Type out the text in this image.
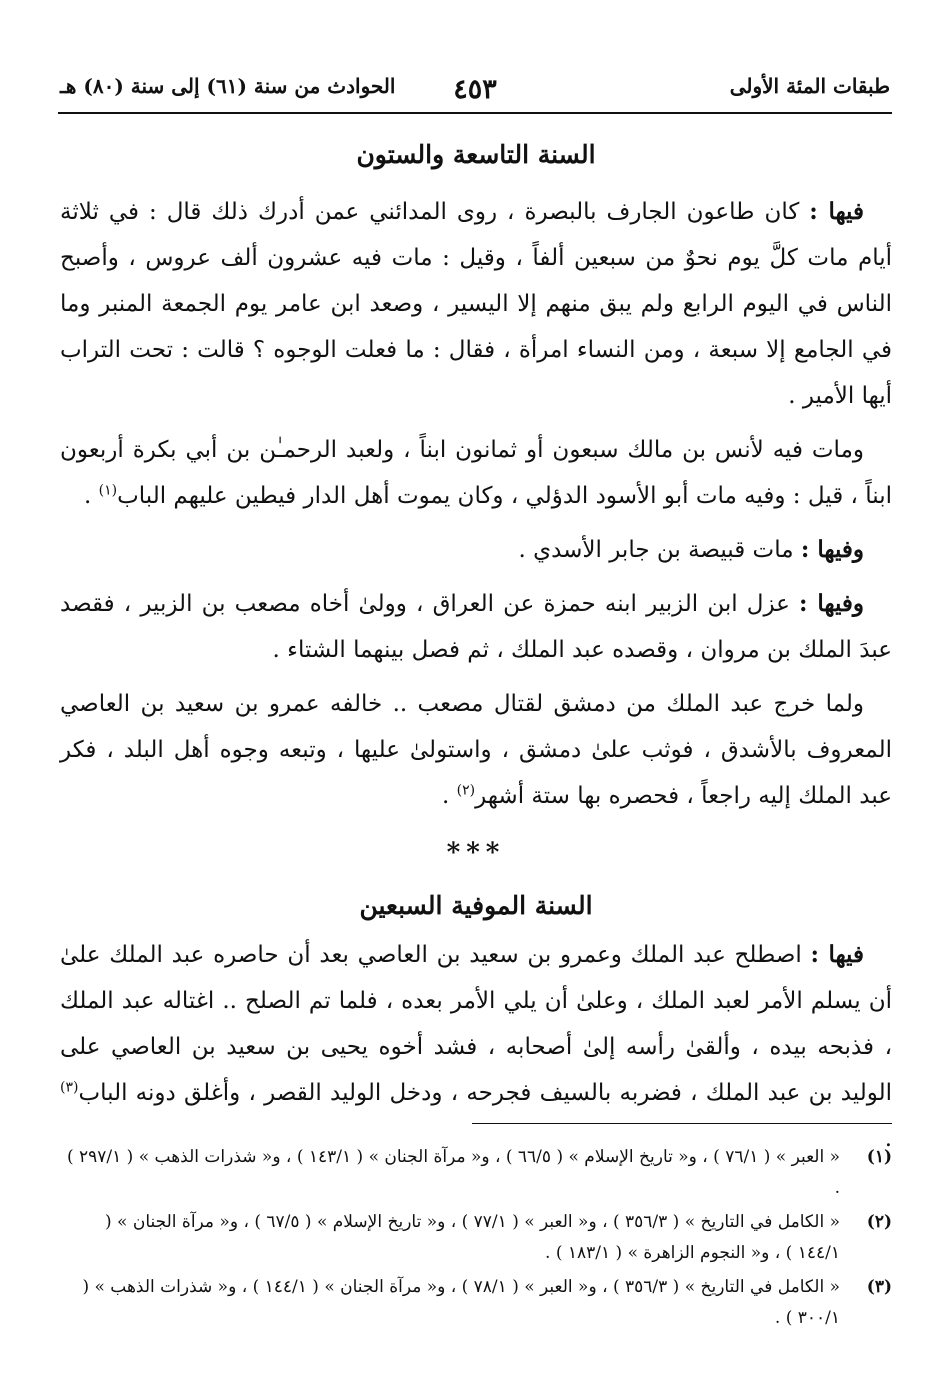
طبقات المئة الأولى
٤٥٣
الحوادث من سنة (٦١) إلى سنة (٨٠) هـ
السنة التاسعة والستون

فيها : كان طاعون الجارف بالبصرة ، روى المدائني عمن أدرك ذلك قال : في ثلاثة أيام مات كلَّ يوم نحوٌ من سبعين ألفاً ، وقيل : مات فيه عشرون ألف عروس ، وأصبح الناس في اليوم الرابع ولم يبق منهم إلا اليسير ، وصعد ابن عامر يوم الجمعة المنبر وما في الجامع إلا سبعة ، ومن النساء امرأة ، فقال : ما فعلت الوجوه ؟ قالت : تحت التراب أيها الأمير .

ومات فيه لأنس بن مالك سبعون أو ثمانون ابناً ، ولعبد الرحمـٰن بن أبي بكرة أربعون ابناً ، قيل : وفيه مات أبو الأسود الدؤلي ، وكان يموت أهل الدار فيطين عليهم الباب$^{(١)}$ .

وفيها : مات قبيصة بن جابر الأسدي .

وفيها : عزل ابن الزبير ابنه حمزة عن العراق ، وولىٰ أخاه مصعب بن الزبير ، فقصد عبدَ الملك بن مروان ، وقصده عبد الملك ، ثم فصل بينهما الشتاء .

ولما خرج عبد الملك من دمشق لقتال مصعب .. خالفه عمرو بن سعيد بن العاصي المعروف بالأشدق ، فوثب علىٰ دمشق ، واستولىٰ عليها ، وتبعه وجوه أهل البلد ، فكر عبد الملك إليه راجعاً ، فحصره بها ستة أشهر$^{(٢)}$ .

***
السنة الموفية السبعين

فيها : اصطلح عبد الملك وعمرو بن سعيد بن العاصي بعد أن حاصره عبد الملك علىٰ أن يسلم الأمر لعبد الملك ، وعلىٰ أن يلي الأمر بعده ، فلما تم الصلح .. اغتاله عبد الملك ، فذبحه بيده ، وألقىٰ رأسه إلىٰ أصحابه ، فشد أخوه يحيى بن سعيد بن العاصي على الوليد بن عبد الملك ، فضربه بالسيف فجرحه ، ودخل الوليد القصر ، وأغلق دونه الباب$^{(٣)}$ .

(١)
« العبر » ( ٧٦/١ ) ، و« تاريخ الإسلام » ( ٦٦/٥ ) ، و« مرآة الجنان » ( ١٤٣/١ ) ، و« شذرات الذهب » ( ٢٩٧/١ ) .
(٢)
« الكامل في التاريخ » ( ٣٥٦/٣ ) ، و« العبر » ( ٧٧/١ ) ، و« تاريخ الإسلام » ( ٦٧/٥ ) ، و« مرآة الجنان » ( ١٤٤/١ ) ، و« النجوم الزاهرة » ( ١٨٣/١ ) .
(٣)
« الكامل في التاريخ » ( ٣٥٦/٣ ) ، و« العبر » ( ٧٨/١ ) ، و« مرآة الجنان » ( ١٤٤/١ ) ، و« شذرات الذهب » ( ٣٠٠/١ ) .
